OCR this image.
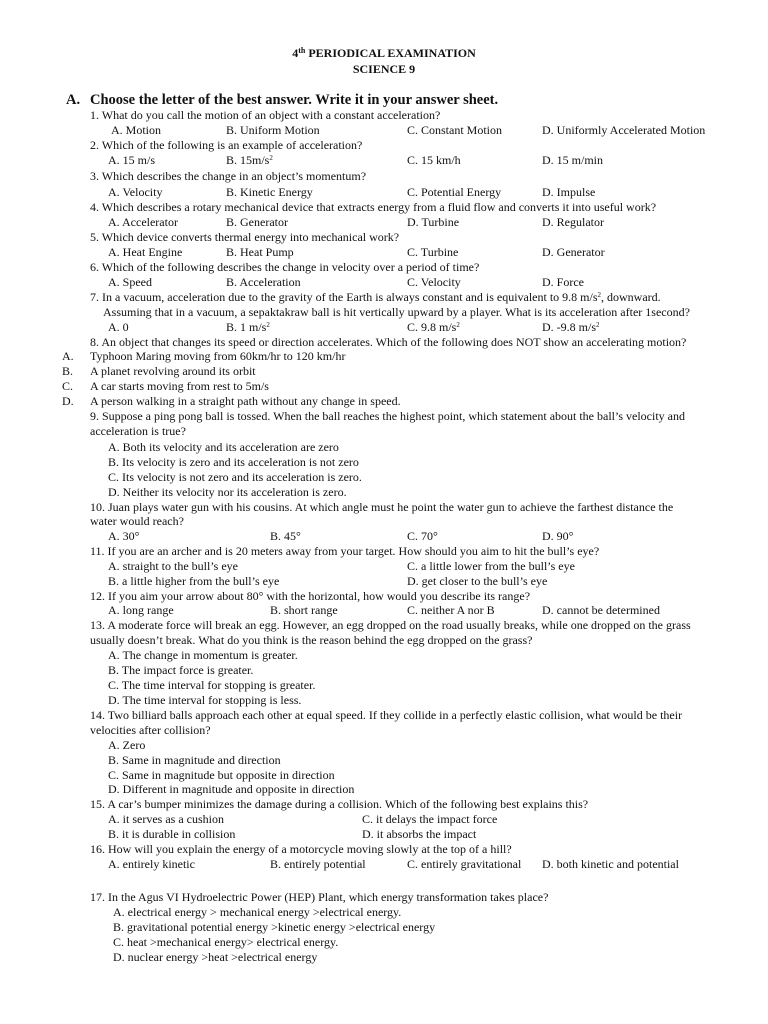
4th PERIODICAL EXAMINATION
SCIENCE 9
A. Choose the letter of the best answer. Write it in your answer sheet.
1. What do you call the motion of an object with a constant acceleration?
A. Motion	B. Uniform Motion	C. Constant Motion	D. Uniformly Accelerated Motion
2. Which of the following is an example of acceleration?
A. 15 m/s	B. $15m/s^2$	C. 15 km/h	D. 15 m/min
3. Which describes the change in an object’s momentum?
A. Velocity	B. Kinetic Energy	C. Potential Energy	D. Impulse
4. Which describes a rotary mechanical device that extracts energy from a fluid flow and converts it into useful work?
A. Accelerator	B. Generator	D. Turbine	D. Regulator
5. Which device converts thermal energy into mechanical work?
A. Heat Engine	B. Heat Pump	C. Turbine	D. Generator
6. Which of the following describes the change in velocity over a period of time?
A. Speed	B. Acceleration	C. Velocity	D. Force
7. In a vacuum, acceleration due to the gravity of the Earth is always constant and is equivalent to 9.8 $m/s^2$, downward.
Assuming that in a vacuum, a sepaktakraw ball is hit vertically upward by a player. What is its acceleration after 1second?
A. 0	B. 1 $m/s^2$	C. 9.8 $m/s^2$	D. -9.8 $m/s^2$
8. An object that changes its speed or direction accelerates. Which of the following does NOT show an accelerating motion?
A. Typhoon Maring moving from 60km/hr to 120 km/hr
B. A planet revolving around its orbit
C. A car starts moving from rest to 5m/s
D. A person walking in a straight path without any change in speed.
9. Suppose a ping pong ball is tossed. When the ball reaches the highest point, which statement about the ball’s velocity and
acceleration is true?
A. Both its velocity and its acceleration are zero
B. Its velocity is zero and its acceleration is not zero
C. Its velocity is not zero and its acceleration is zero.
D. Neither its velocity nor its acceleration is zero.
10. Juan plays water gun with his cousins. At which angle must he point the water gun to achieve the farthest distance the
water would reach?
A. 30°	B. 45°	C. 70°	D. 90°
11. If you are an archer and is 20 meters away from your target. How should you aim to hit the bull’s eye?
A. straight to the bull’s eye	C. a little lower from the bull’s eye
B. a little higher from the bull’s eye	D. get closer to the bull’s eye
12. If you aim your arrow about 80° with the horizontal, how would you describe its range?
A. long range	B. short range	C. neither A nor B	D. cannot be determined
13. A moderate force will break an egg. However, an egg dropped on the road usually breaks, while one dropped on the grass
usually doesn’t break. What do you think is the reason behind the egg dropped on the grass?
A. The change in momentum is greater.
B. The impact force is greater.
C. The time interval for stopping is greater.
D. The time interval for stopping is less.
14. Two billiard balls approach each other at equal speed. If they collide in a perfectly elastic collision, what would be their
velocities after collision?
A. Zero
B. Same in magnitude and direction
C. Same in magnitude but opposite in direction
D. Different in magnitude and opposite in direction
15. A car’s bumper minimizes the damage during a collision. Which of the following best explains this?
A. it serves as a cushion	C. it delays the impact force
B. it is durable in collision	D. it absorbs the impact
16. How will you explain the energy of a motorcycle moving slowly at the top of a hill?
A. entirely kinetic	B. entirely potential	C. entirely gravitational D. both kinetic and potential
17. In the Agus VI Hydroelectric Power (HEP) Plant, which energy transformation takes place?
A. electrical energy > mechanical energy >electrical energy.
B. gravitational potential energy >kinetic energy >electrical energy
C. heat >mechanical energy> electrical energy.
D. nuclear energy >heat >electrical energy
